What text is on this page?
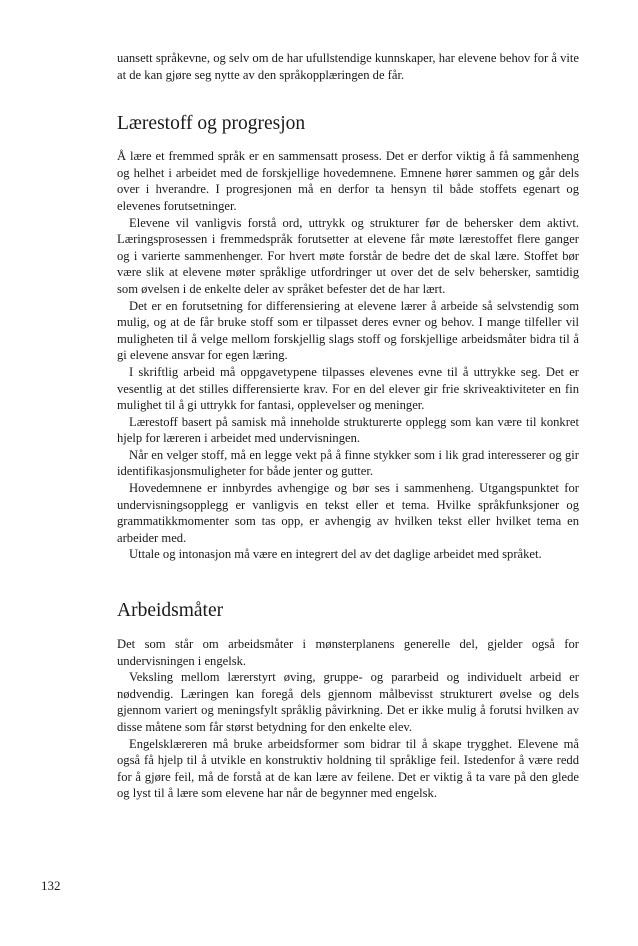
uansett språkevne, og selv om de har ufullstendige kunnskaper, har elevene behov for å vite at de kan gjøre seg nytte av den språkopplæringen de får.

Lærestoff og progresjon

Å lære et fremmed språk er en sammensatt prosess. Det er derfor viktig å få sammenheng og helhet i arbeidet med de forskjellige hovedemnene. Emnene hører sammen og går dels over i hverandre. I progresjonen må en derfor ta hensyn til både stoffets egenart og elevenes forutsetninger.

Elevene vil vanligvis forstå ord, uttrykk og strukturer før de behersker dem aktivt. Læringsprosessen i fremmedspråk forutsetter at elevene får møte lærestoffet flere ganger og i varierte sammenhenger. For hvert møte forstår de bedre det de skal lære. Stoffet bør være slik at elevene møter språklige utfordringer ut over det de selv behersker, samtidig som øvelsen i de enkelte deler av språket befester det de har lært.

Det er en forutsetning for differensiering at elevene lærer å arbeide så selvstendig som mulig, og at de får bruke stoff som er tilpasset deres evner og behov. I mange tilfeller vil muligheten til å velge mellom forskjellig slags stoff og forskjellige arbeidsmåter bidra til å gi elevene ansvar for egen læring.

I skriftlig arbeid må oppgavetypene tilpasses elevenes evne til å uttrykke seg. Det er vesentlig at det stilles differensierte krav. For en del elever gir frie skriveaktiviteter en fin mulighet til å gi uttrykk for fantasi, opplevelser og meninger.

Lærestoff basert på samisk må inneholde strukturerte opplegg som kan være til konkret hjelp for læreren i arbeidet med undervisningen.

Når en velger stoff, må en legge vekt på å finne stykker som i lik grad interesserer og gir identifikasjonsmuligheter for både jenter og gutter.

Hovedemnene er innbyrdes avhengige og bør ses i sammenheng. Utgangspunktet for undervisningsopplegg er vanligvis en tekst eller et tema. Hvilke språkfunksjoner og grammatikkmomenter som tas opp, er avhengig av hvilken tekst eller hvilket tema en arbeider med.

Uttale og intonasjon må være en integrert del av det daglige arbeidet med språket.

Arbeidsmåter

Det som står om arbeidsmåter i mønsterplanens generelle del, gjelder også for undervisningen i engelsk.

Veksling mellom lærerstyrt øving, gruppe- og pararbeid og individuelt arbeid er nødvendig. Læringen kan foregå dels gjennom målbevisst strukturert øvelse og dels gjennom variert og meningsfylt språklig påvirkning. Det er ikke mulig å forutsi hvilken av disse måtene som får størst betydning for den enkelte elev.

Engelsklæreren må bruke arbeidsformer som bidrar til å skape trygghet. Elevene må også få hjelp til å utvikle en konstruktiv holdning til språklige feil. Istedenfor å være redd for å gjøre feil, må de forstå at de kan lære av feilene. Det er viktig å ta vare på den glede og lyst til å lære som elevene har når de begynner med engelsk.

132
